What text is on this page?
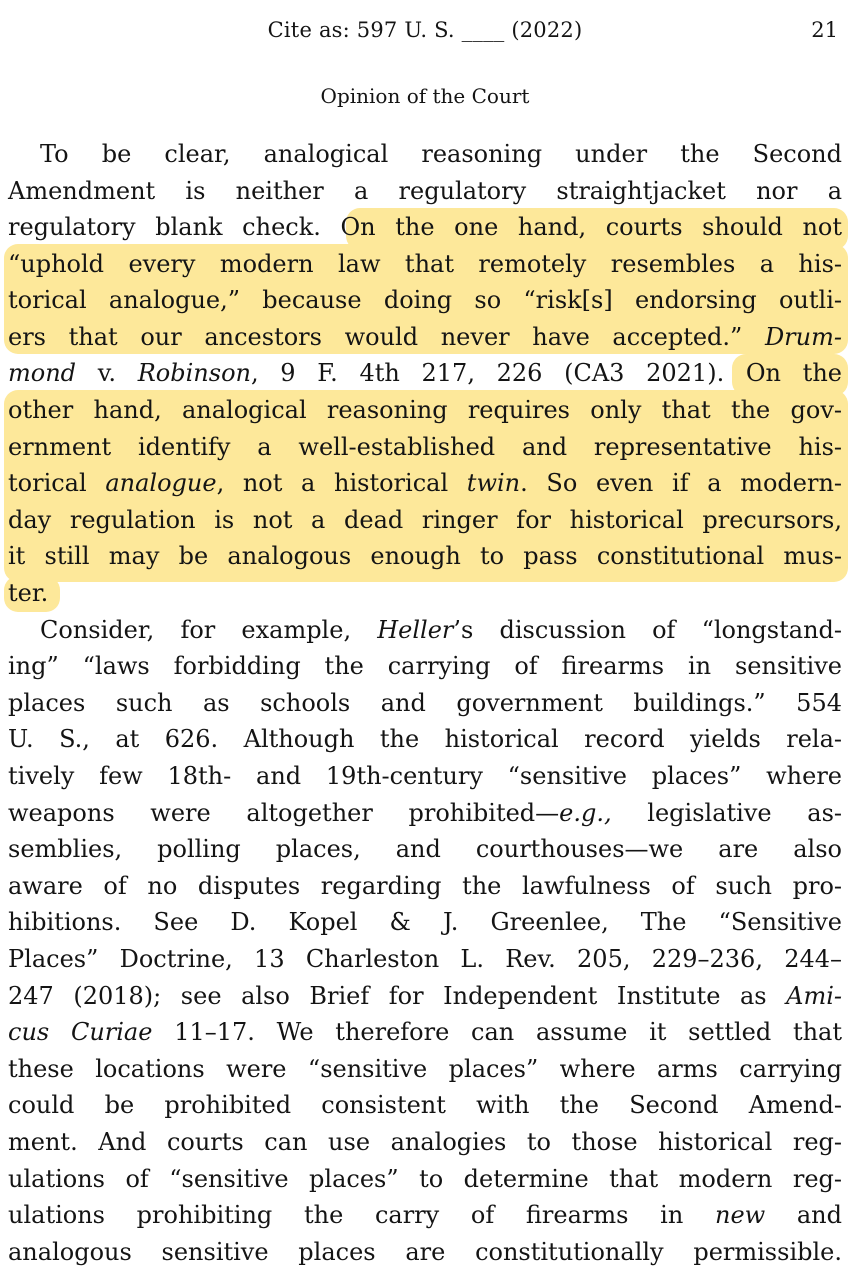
Cite as: 597 U. S. ____ (2022)	21
Opinion of the Court
To be clear, analogical reasoning under the Second
Amendment is neither a regulatory straightjacket nor a
regulatory blank check. On the one hand, courts should not
“uphold every modern law that remotely resembles a his-
torical analogue,” because doing so “risk[s] endorsing outli-
ers that our ancestors would never have accepted.” Drum-
mond v. Robinson, 9 F. 4th 217, 226 (CA3 2021). On the
other hand, analogical reasoning requires only that the gov-
ernment identify a well-established and representative his-
torical analogue, not a historical twin. So even if a modern-
day regulation is not a dead ringer for historical precursors,
it still may be analogous enough to pass constitutional mus-
ter.
Consider, for example, Heller’s discussion of “longstand-
ing” “laws forbidding the carrying of firearms in sensitive
places such as schools and government buildings.” 554
U. S., at 626. Although the historical record yields rela-
tively few 18th- and 19th-century “sensitive places” where
weapons were altogether prohibited—e.g., legislative as-
semblies, polling places, and courthouses—we are also
aware of no disputes regarding the lawfulness of such pro-
hibitions. See D. Kopel & J. Greenlee, The “Sensitive
Places” Doctrine, 13 Charleston L. Rev. 205, 229–236, 244–
247 (2018); see also Brief for Independent Institute as Ami-
cus Curiae 11–17. We therefore can assume it settled that
these locations were “sensitive places” where arms carrying
could be prohibited consistent with the Second Amend-
ment. And courts can use analogies to those historical reg-
ulations of “sensitive places” to determine that modern reg-
ulations prohibiting the carry of firearms in new and
analogous sensitive places are constitutionally permissible.
